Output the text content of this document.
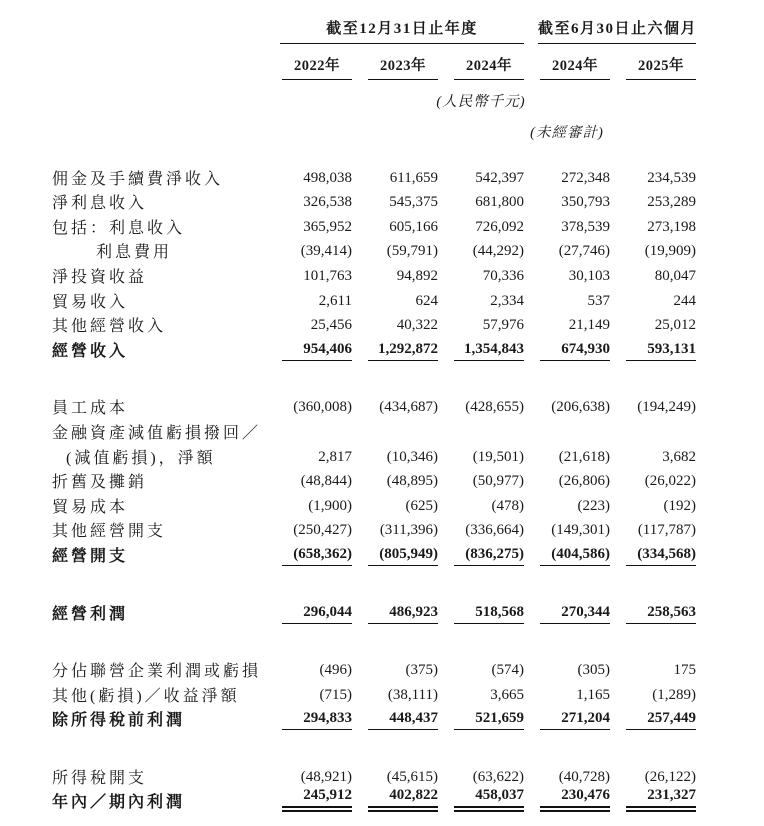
截至12月31日止年度	截至6月30日止六個月
2022年	2023年	2024年	2024年	2025年
(人民幣千元)
(未經審計)
佣金及手續費淨收入	498,038	611,659	542,397	272,348	234,539
淨利息收入	326,538	545,375	681,800	350,793	253,289
包括：利息收入	365,952	605,166	726,092	378,539	273,198
利息費用	(39,414)	(59,791)	(44,292)	(27,746)	(19,909)
淨投資收益	101,763	94,892	70,336	30,103	80,047
貿易收入	2,611	624	2,334	537	244
其他經營收入	25,456	40,322	57,976	21,149	25,012
經營收入	954,406	1,292,872	1,354,843	674,930	593,131
員工成本	(360,008)	(434,687)	(428,655)	(206,638)	(194,249)
金融資產減值虧損撥回／
(減值虧損)，淨額	2,817	(10,346)	(19,501)	(21,618)	3,682
折舊及攤銷	(48,844)	(48,895)	(50,977)	(26,806)	(26,022)
貿易成本	(1,900)	(625)	(478)	(223)	(192)
其他經營開支	(250,427)	(311,396)	(336,664)	(149,301)	(117,787)
經營開支	(658,362)	(805,949)	(836,275)	(404,586)	(334,568)
經營利潤	296,044	486,923	518,568	270,344	258,563
分佔聯營企業利潤或虧損	(496)	(375)	(574)	(305)	175
其他(虧損)／收益淨額	(715)	(38,111)	3,665	1,165	(1,289)
除所得稅前利潤	294,833	448,437	521,659	271,204	257,449
所得稅開支	(48,921)	(45,615)	(63,622)	(40,728)	(26,122)
年內／期內利潤	245,912	402,822	458,037	230,476	231,327
